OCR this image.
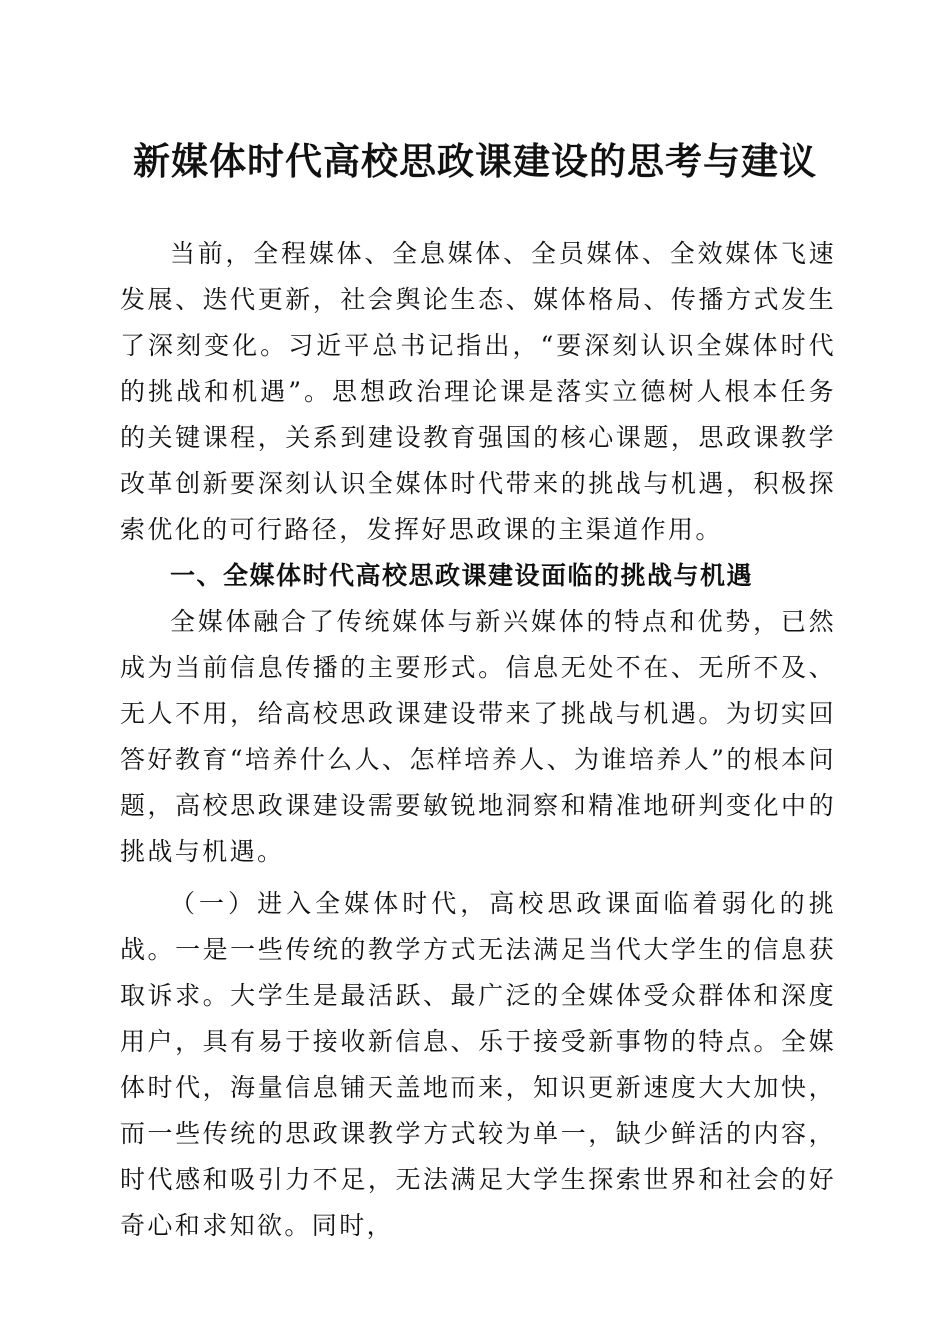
新媒体时代高校思政课建设的思考与建议

当前，全程媒体、全息媒体、全员媒体、全效媒体飞速发展、迭代更新，社会舆论生态、媒体格局、传播方式发生了深刻变化。习近平总书记指出，“要深刻认识全媒体时代的挑战和机遇”。思想政治理论课是落实立德树人根本任务的关键课程，关系到建设教育强国的核心课题，思政课教学改革创新要深刻认识全媒体时代带来的挑战与机遇，积极探索优化的可行路径，发挥好思政课的主渠道作用。

一、全媒体时代高校思政课建设面临的挑战与机遇

全媒体融合了传统媒体与新兴媒体的特点和优势，已然成为当前信息传播的主要形式。信息无处不在、无所不及、无人不用，给高校思政课建设带来了挑战与机遇。为切实回答好教育“培养什么人、怎样培养人、为谁培养人”的根本问题，高校思政课建设需要敏锐地洞察和精准地研判变化中的挑战与机遇。

（一）进入全媒体时代，高校思政课面临着弱化的挑战。一是一些传统的教学方式无法满足当代大学生的信息获取诉求。大学生是最活跃、最广泛的全媒体受众群体和深度用户，具有易于接收新信息、乐于接受新事物的特点。全媒体时代，海量信息铺天盖地而来，知识更新速度大大加快，而一些传统的思政课教学方式较为单一，缺少鲜活的内容，时代感和吸引力不足，无法满足大学生探索世界和社会的好奇心和求知欲。同时，
